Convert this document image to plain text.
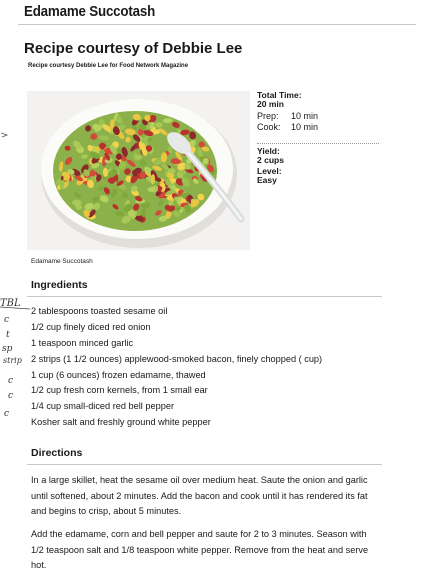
Edamame Succotash
Recipe courtesy of Debbie Lee
Recipe courtesy Debbie Lee for Food Network Magazine
Edamame Succotash
Total Time:
20 min
Prep:	10 min
Cook:	10 min
Yield:
2 cups
Level:
Easy
Ingredients
2 tablespoons toasted sesame oil
1/2 cup finely diced red onion
1 teaspoon minced garlic
2 strips (1 1/2 ounces) applewood-smoked bacon, finely chopped ( cup)
1 cup (6 ounces) frozen edamame, thawed
1/2 cup fresh corn kernels, from 1 small ear
1/4 cup small-diced red bell pepper
Kosher salt and freshly ground white pepper
TBL
c
t
sp
strip
c
c
c
Directions
In a large skillet, heat the sesame oil over medium heat. Saute the onion and garlic until softened, about 2 minutes. Add the bacon and cook until it has rendered its fat and begins to crisp, about 5 minutes.
Add the edamame, corn and bell pepper and saute for 2 to 3 minutes. Season with 1/2 teaspoon salt and 1/8 teaspoon white pepper. Remove from the heat and serve hot.
